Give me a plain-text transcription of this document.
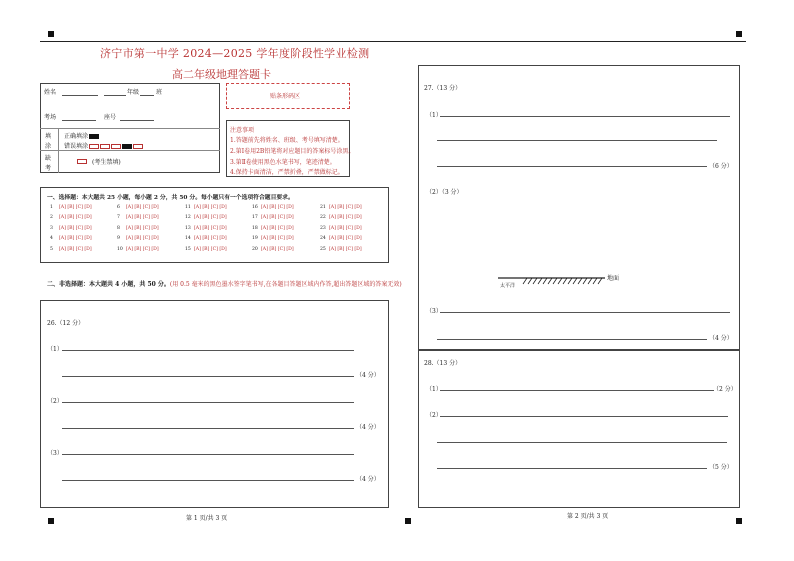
济宁市第一中学 2024—2025 学年度阶段性学业检测
高二年级地理答题卡
姓名	年级	班
考场	座号
填
涂
正确填涂
错误填涂
缺
考
(考生禁填)
贴条形码区
注意事项
1.答题前先将姓名、班级、考号填写清楚。
2.第Ⅰ卷用2B铅笔将对应题目的答案标号涂黑。
3.第Ⅱ卷使用黑色水笔书写，笔迹清楚。
4.保持卡面清洁，严禁折叠，严禁做标记。
一、选择题：本大题共 25 小题，每小题 2 分，共 50 分。每小题只有一个选项符合题目要求。
1 [A] [B] [C] [D]	6 [A] [B] [C] [D]	11 [A] [B] [C] [D]	16 [A] [B] [C] [D]	21 [A] [B] [C] [D]
2 [A] [B] [C] [D]	7 [A] [B] [C] [D]	12 [A] [B] [C] [D]	17 [A] [B] [C] [D]	22 [A] [B] [C] [D]
3 [A] [B] [C] [D]	8 [A] [B] [C] [D]	13 [A] [B] [C] [D]	18 [A] [B] [C] [D]	23 [A] [B] [C] [D]
4 [A] [B] [C] [D]	9 [A] [B] [C] [D]	14 [A] [B] [C] [D]	19 [A] [B] [C] [D]	24 [A] [B] [C] [D]
5 [A] [B] [C] [D]	10 [A] [B] [C] [D]	15 [A] [B] [C] [D]	20 [A] [B] [C] [D]	25 [A] [B] [C] [D]
二、非选择题：本大题共 4 小题，共 50 分。(用 0.5 毫米的黑色墨水签字笔书写,在各题目答题区域内作答,超出答题区域的答案无效)
26.（12 分）
（1）
（4 分）
（2）
（4 分）
（3）
（4 分）
第 1 页/共 3 页
27.（13 分）
（1）
（6 分）
（2）（3 分）
地面
太平洋
（3）
（4 分）
28.（13 分）
（1）	（2 分）
（2）
（5 分）
第 2 页/共 3 页
